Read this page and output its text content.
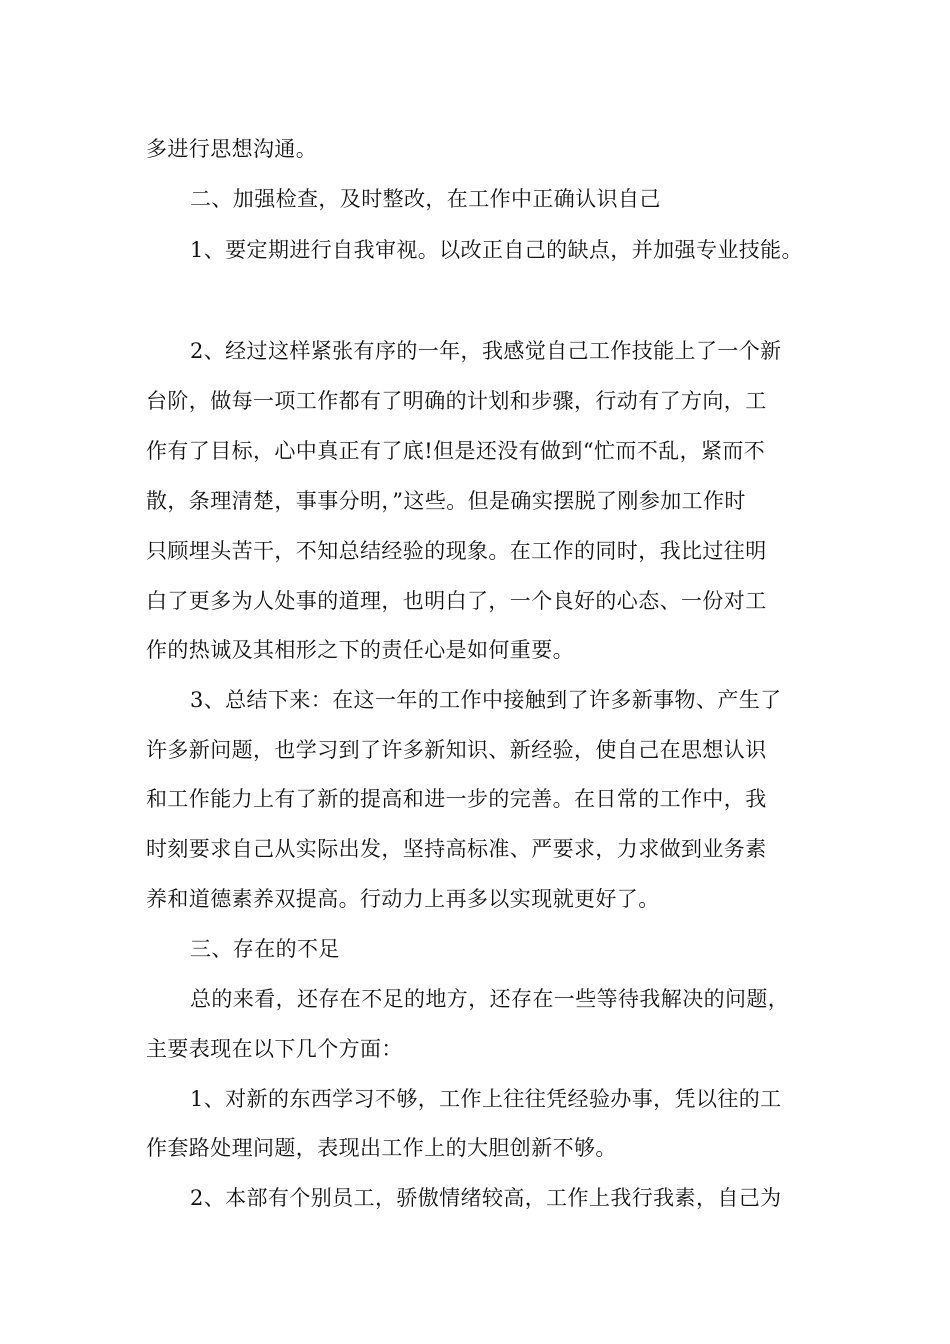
多进行思想沟通。
二、加强检查，及时整改，在工作中正确认识自己
1、要定期进行自我审视。以改正自己的缺点，并加强专业技能。
2、经过这样紧张有序的一年，我感觉自己工作技能上了一个新
台阶，做每一项工作都有了明确的计划和步骤，行动有了方向，工
作有了目标，心中真正有了底!但是还没有做到“忙而不乱，紧而不
散，条理清楚，事事分明，”这些。但是确实摆脱了刚参加工作时
只顾埋头苦干，不知总结经验的现象。在工作的同时，我比过往明
白了更多为人处事的道理，也明白了，一个良好的心态、一份对工
作的热诚及其相形之下的责任心是如何重要。
3、总结下来：在这一年的工作中接触到了许多新事物、产生了
许多新问题，也学习到了许多新知识、新经验，使自己在思想认识
和工作能力上有了新的提高和进一步的完善。在日常的工作中，我
时刻要求自己从实际出发，坚持高标准、严要求，力求做到业务素
养和道德素养双提高。行动力上再多以实现就更好了。
三、存在的不足
总的来看，还存在不足的地方，还存在一些等待我解决的问题，
主要表现在以下几个方面：
1、对新的东西学习不够，工作上往往凭经验办事，凭以往的工
作套路处理问题，表现出工作上的大胆创新不够。
2、本部有个别员工，骄傲情绪较高，工作上我行我素，自己为
